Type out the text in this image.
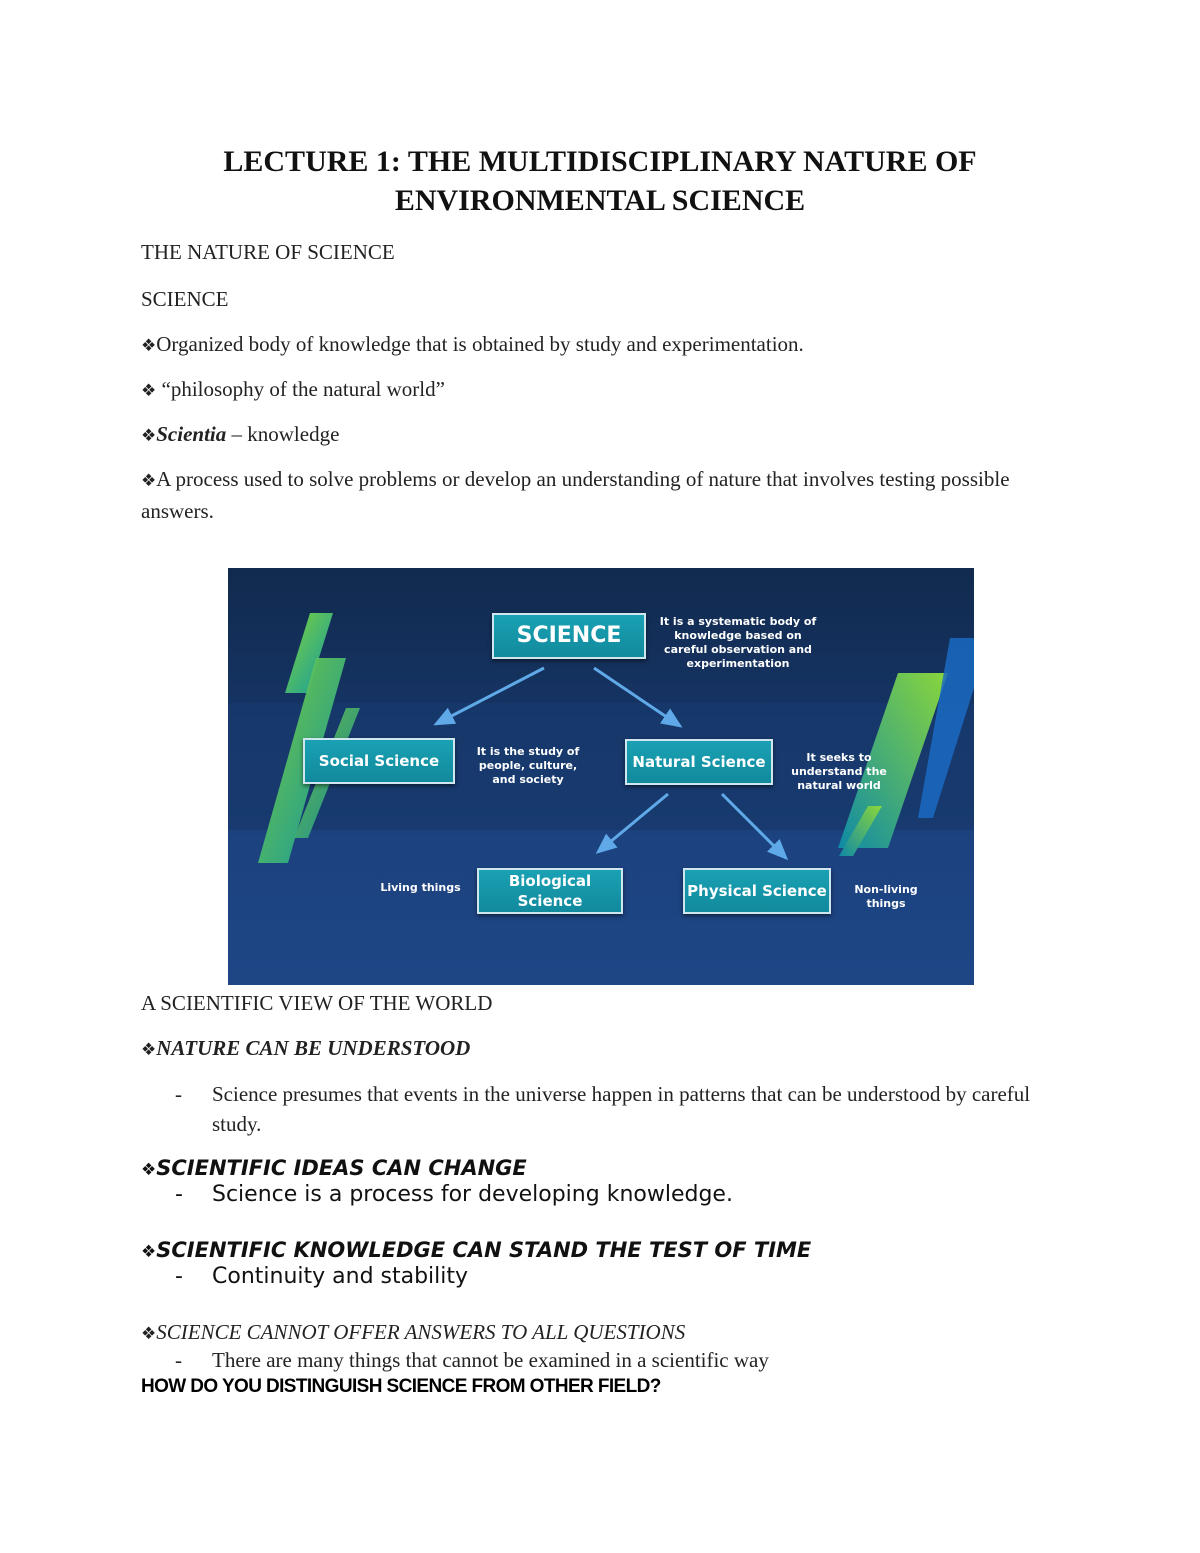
LECTURE 1: THE MULTIDISCIPLINARY NATURE OF
ENVIRONMENTAL SCIENCE
THE NATURE OF SCIENCE
SCIENCE
❖Organized body of knowledge that is obtained by study and experimentation.
❖ “philosophy of the natural world”
❖Scientia – knowledge
❖A process used to solve problems or develop an understanding of nature that involves testing possible answers.
SCIENCE
It is a systematic body of knowledge based on careful observation and experimentation
Social Science
It is the study of people, culture, and society
Natural Science	It seeks to understand the natural world
Biological Science
Living things	Physical Science	Non-living things
A SCIENTIFIC VIEW OF THE WORLD
❖NATURE CAN BE UNDERSTOOD
- Science presumes that events in the universe happen in patterns that can be understood by careful study.
❖SCIENTIFIC IDEAS CAN CHANGE
- Science is a process for developing knowledge.
❖SCIENTIFIC KNOWLEDGE CAN STAND THE TEST OF TIME
- Continuity and stability
❖SCIENCE CANNOT OFFER ANSWERS TO ALL QUESTIONS
- There are many things that cannot be examined in a scientific way
HOW DO YOU DISTINGUISH SCIENCE FROM OTHER FIELD?
